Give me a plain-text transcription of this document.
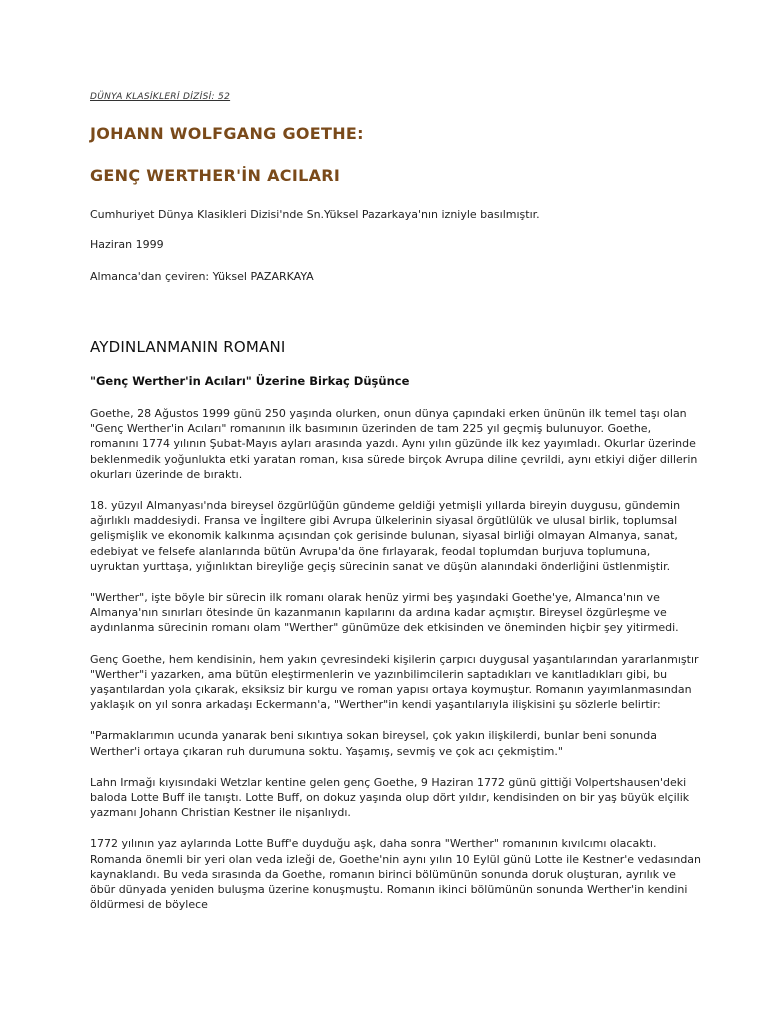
DÜNYA KLASİKLERİ DİZİSİ: 52
JOHANN WOLFGANG GOETHE:
GENÇ WERTHER'İN ACILARI
Cumhuriyet Dünya Klasikleri Dizisi'nde Sn.Yüksel Pazarkaya'nın izniyle basılmıştır.
Haziran 1999
Almanca'dan çeviren: Yüksel PAZARKAYA
AYDINLANMANIN ROMANI
"Genç Werther'in Acıları" Üzerine Birkaç Düşünce

Goethe, 28 Ağustos 1999 günü 250 yaşında olurken, onun dünya çapındaki erken ününün ilk temel taşı olan "Genç Werther'in Acıları" romanının ilk basımının üzerinden de tam 225 yıl geçmiş bulunuyor. Goethe, romanını 1774 yılının Şubat-Mayıs ayları arasında yazdı. Aynı yılın güzünde ilk kez yayımladı. Okurlar üzerinde beklenmedik yoğunlukta etki yaratan roman, kısa sürede birçok Avrupa diline çevrildi, aynı etkiyi diğer dillerin okurları üzerinde de bıraktı.

18. yüzyıl Almanyası'nda bireysel özgürlüğün gündeme geldiği yetmişli yıllarda bireyin duygusu, gündemin ağırlıklı maddesiydi. Fransa ve İngiltere gibi Avrupa ülkelerinin siyasal örgütlülük ve ulusal birlik, toplumsal gelişmişlik ve ekonomik kalkınma açısından çok gerisinde bulunan, siyasal birliği olmayan Almanya, sanat, edebiyat ve felsefe alanlarında bütün Avrupa'da öne fırlayarak, feodal toplumdan burjuva toplumuna, uyruktan yurttaşa, yığınlıktan bireyliğe geçiş sürecinin sanat ve düşün alanındaki önderliğini üstlenmiştir.

"Werther", işte böyle bir sürecin ilk romanı olarak henüz yirmi beş yaşındaki Goethe'ye, Almanca'nın ve Almanya'nın sınırları ötesinde ün kazanmanın kapılarını da ardına kadar açmıştır. Bireysel özgürleşme ve aydınlanma sürecinin romanı olam "Werther" günümüze dek etkisinden ve öneminden hiçbir şey yitirmedi.

Genç Goethe, hem kendisinin, hem yakın çevresindeki kişilerin çarpıcı duygusal yaşantılarından yararlanmıştır "Werther"i yazarken, ama bütün eleştirmenlerin ve yazınbilimcilerin saptadıkları ve kanıtladıkları gibi, bu yaşantılardan yola çıkarak, eksiksiz bir kurgu ve roman yapısı ortaya koymuştur. Romanın yayımlanmasından yaklaşık on yıl sonra arkadaşı Eckermann'a, "Werther"in kendi yaşantılarıyla ilişkisini şu sözlerle belirtir:

"Parmaklarımın ucunda yanarak beni sıkıntıya sokan bireysel, çok yakın ilişkilerdi, bunlar beni sonunda Werther'i ortaya çıkaran ruh durumuna soktu. Yaşamış, sevmiş ve çok acı çekmiştim."

Lahn Irmağı kıyısındaki Wetzlar kentine gelen genç Goethe, 9 Haziran 1772 günü gittiği Volpertshausen'deki baloda Lotte Buff ile tanıştı. Lotte Buff, on dokuz yaşında olup dört yıldır, kendisinden on bir yaş büyük elçilik yazmanı Johann Christian Kestner ile nişanlıydı.

1772 yılının yaz aylarında Lotte Buff'e duyduğu aşk, daha sonra "Werther" romanının kıvılcımı olacaktı. Romanda önemli bir yeri olan veda izleği de, Goethe'nin aynı yılın 10 Eylül günü Lotte ile Kestner'e vedasından kaynaklandı. Bu veda sırasında da Goethe, romanın birinci bölümünün sonunda doruk oluşturan, ayrılık ve öbür dünyada yeniden buluşma üzerine konuşmuştu. Romanın ikinci bölümünün sonunda Werther'in kendini öldürmesi de böylece
